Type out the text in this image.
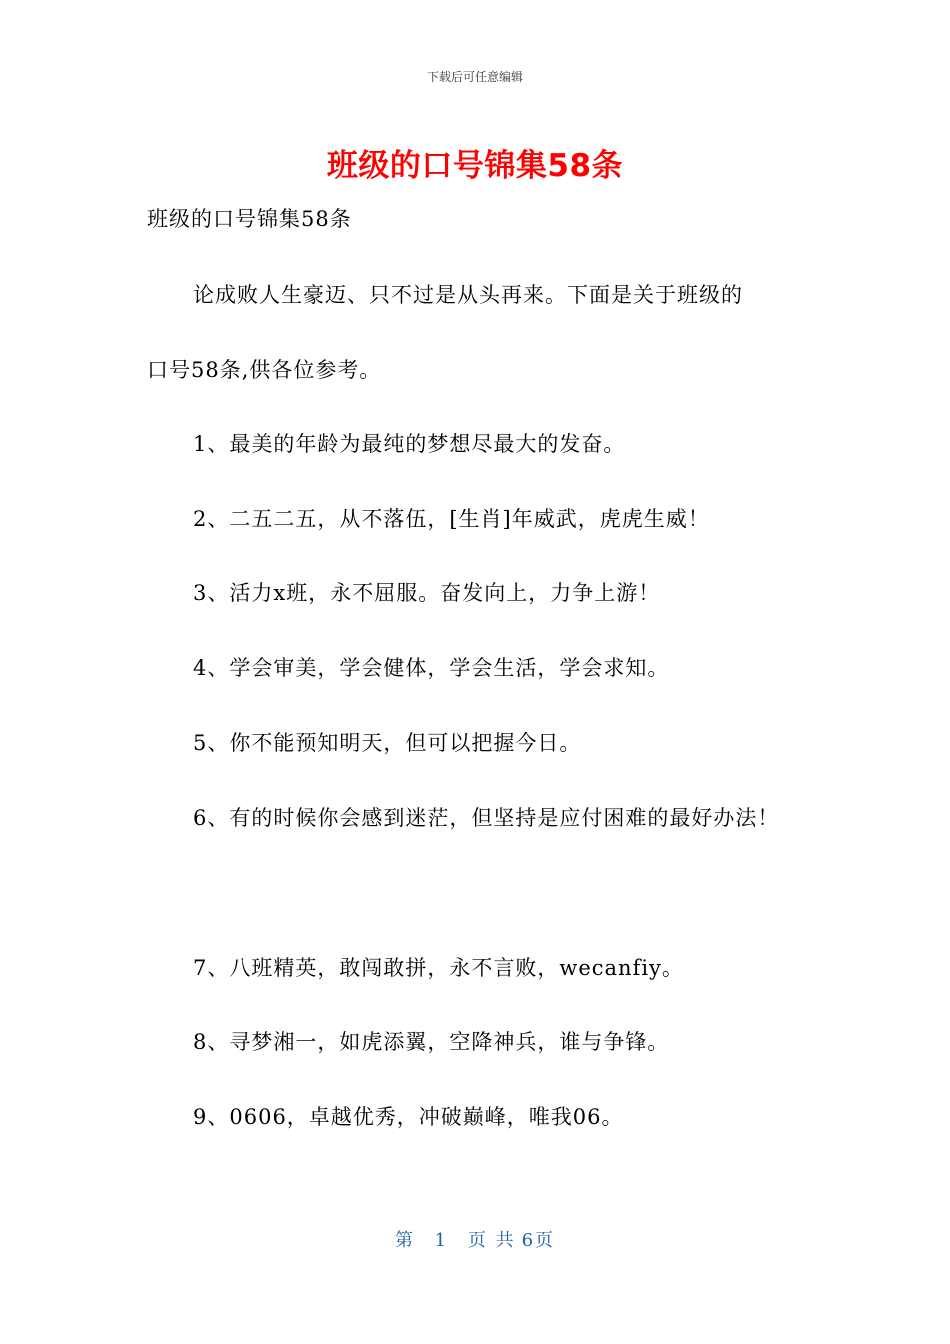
下载后可任意编辑
班级的口号锦集58条
班级的口号锦集58条
论成败人生豪迈、只不过是从头再来。下面是关于班级的
口号58条,供各位参考。
1、最美的年龄为最纯的梦想尽最大的发奋。
2、二五二五，从不落伍，[生肖]年威武，虎虎生威！
3、活力x班，永不屈服。奋发向上，力争上游！
4、学会审美，学会健体，学会生活，学会求知。
5、你不能预知明天，但可以把握今日。
6、有的时候你会感到迷茫，但坚持是应付困难的最好办法！
7、八班精英，敢闯敢拼，永不言败，wecanfiy。
8、寻梦湘一，如虎添翼，空降神兵，谁与争锋。
9、0606，卓越优秀，冲破巅峰，唯我06。
第 1 页 共 6页
